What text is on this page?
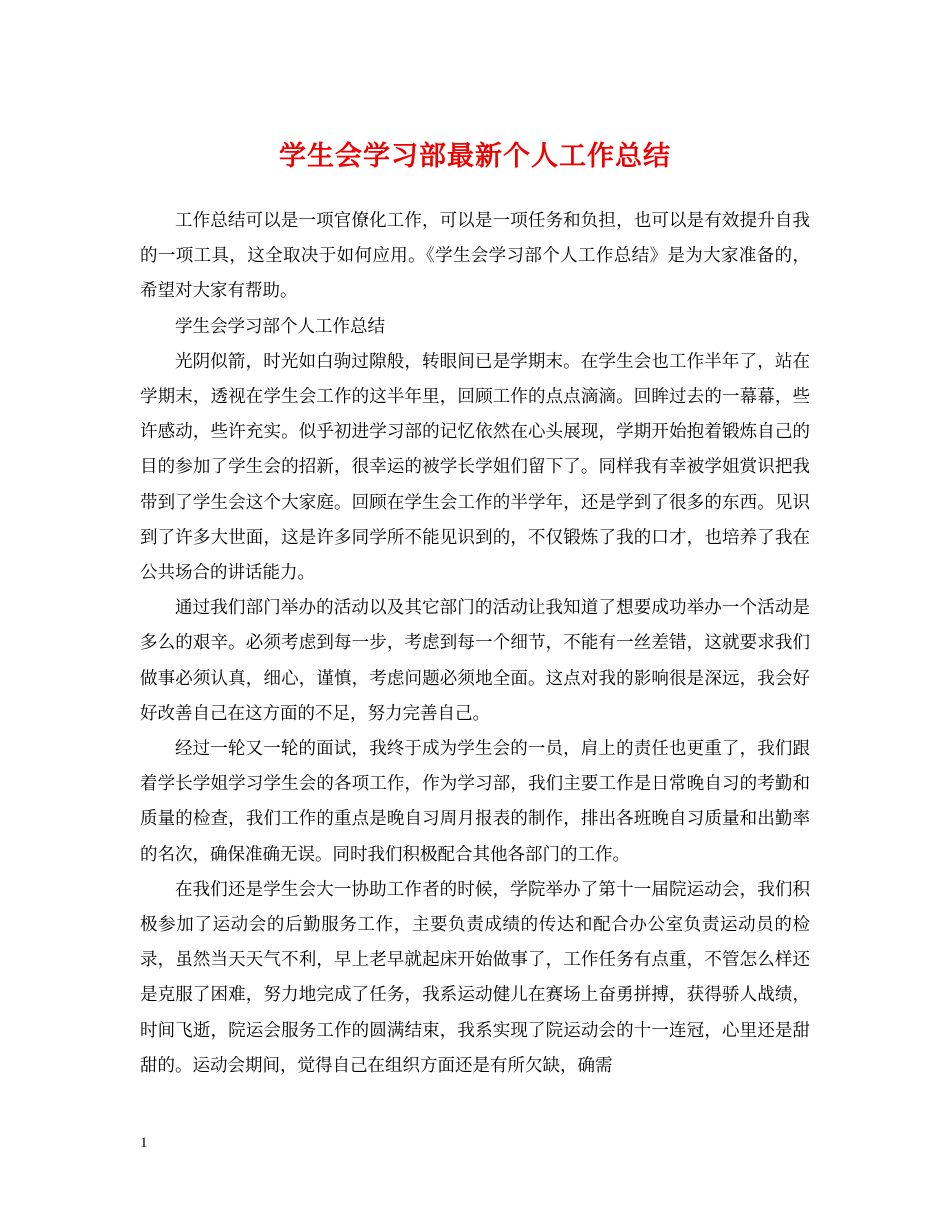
学生会学习部最新个人工作总结

工作总结可以是一项官僚化工作，可以是一项任务和负担，也可以是有效提升自我的一项工具，这全取决于如何应用。《学生会学习部个人工作总结》是为大家准备的，希望对大家有帮助。

学生会学习部个人工作总结

光阴似箭，时光如白驹过隙般，转眼间已是学期末。在学生会也工作半年了，站在学期末，透视在学生会工作的这半年里，回顾工作的点点滴滴。回眸过去的一幕幕，些许感动，些许充实。似乎初进学习部的记忆依然在心头展现，学期开始抱着锻炼自己的目的参加了学生会的招新，很幸运的被学长学姐们留下了。同样我有幸被学姐赏识把我带到了学生会这个大家庭。回顾在学生会工作的半学年，还是学到了很多的东西。见识到了许多大世面，这是许多同学所不能见识到的，不仅锻炼了我的口才，也培养了我在公共场合的讲话能力。

通过我们部门举办的活动以及其它部门的活动让我知道了想要成功举办一个活动是多么的艰辛。必须考虑到每一步，考虑到每一个细节，不能有一丝差错，这就要求我们做事必须认真，细心，谨慎，考虑问题必须地全面。这点对我的影响很是深远，我会好好改善自己在这方面的不足，努力完善自己。

经过一轮又一轮的面试，我终于成为学生会的一员，肩上的责任也更重了，我们跟着学长学姐学习学生会的各项工作，作为学习部，我们主要工作是日常晚自习的考勤和质量的检查，我们工作的重点是晚自习周月报表的制作，排出各班晚自习质量和出勤率的名次，确保准确无误。同时我们积极配合其他各部门的工作。

在我们还是学生会大一协助工作者的时候，学院举办了第十一届院运动会，我们积极参加了运动会的后勤服务工作，主要负责成绩的传达和配合办公室负责运动员的检录，虽然当天天气不利，早上老早就起床开始做事了，工作任务有点重，不管怎么样还是克服了困难，努力地完成了任务，我系运动健儿在赛场上奋勇拼搏，获得骄人战绩，时间飞逝，院运会服务工作的圆满结束，我系实现了院运动会的十一连冠，心里还是甜甜的。运动会期间，觉得自己在组织方面还是有所欠缺，确需

1
